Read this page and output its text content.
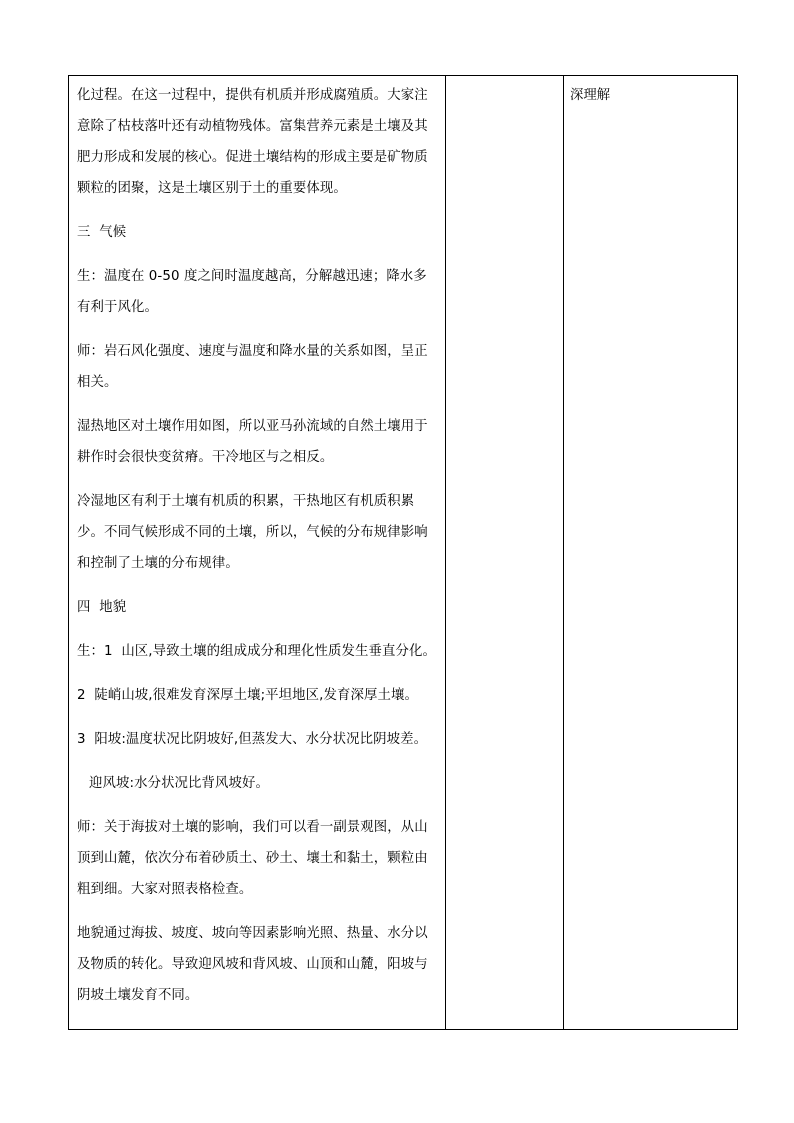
化过程。在这一过程中，提供有机质并形成腐殖质。大家注意除了枯枝落叶还有动植物残体。富集营养元素是土壤及其肥力形成和发展的核心。促进土壤结构的形成主要是矿物质颗粒的团聚，这是土壤区别于土的重要体现。

三  气候

生：温度在 0-50 度之间时温度越高，分解越迅速；降水多有利于风化。

师：岩石风化强度、速度与温度和降水量的关系如图，呈正相关。

湿热地区对土壤作用如图，所以亚马孙流域的自然土壤用于耕作时会很快变贫瘠。干冷地区与之相反。

冷湿地区有利于土壤有机质的积累，干热地区有机质积累少。不同气候形成不同的土壤，所以，气候的分布规律影响和控制了土壤的分布规律。

四  地貌

生：1  山区,导致土壤的组成成分和理化性质发生垂直分化。

2  陡峭山坡,很难发育深厚土壤;平坦地区,发育深厚土壤。

3  阳坡:温度状况比阴坡好,但蒸发大、水分状况比阴坡差。

迎风坡:水分状况比背风坡好。

师：关于海拔对土壤的影响，我们可以看一副景观图，从山顶到山麓，依次分布着砂质土、砂土、壤土和黏土，颗粒由粗到细。大家对照表格检查。

地貌通过海拔、坡度、坡向等因素影响光照、热量、水分以及物质的转化。导致迎风坡和背风坡、山顶和山麓，阳坡与阴坡土壤发育不同。

深理解
